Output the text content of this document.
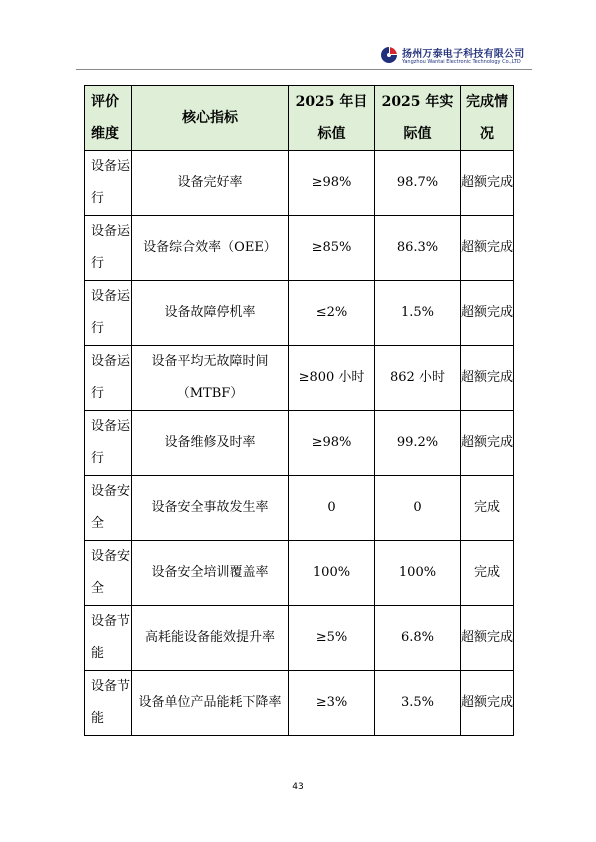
扬州万泰电子科技有限公司
Yangzhou Wantai Electronic Technology Co.,LTD
评价维度	核心指标	2025 年目标值	2025 年实际值	完成情况
设备运行	设备完好率	≥98%	98.7%	超额完成
设备运行	设备综合效率（OEE）	≥85%	86.3%	超额完成
设备运行	设备故障停机率	≤2%	1.5%	超额完成
设备运行	设备平均无故障时间（MTBF）	≥800 小时	862 小时	超额完成
设备运行	设备维修及时率	≥98%	99.2%	超额完成
设备安全	设备安全事故发生率	0	0	完成
设备安全	设备安全培训覆盖率	100%	100%	完成
设备节能	高耗能设备能效提升率	≥5%	6.8%	超额完成
设备节能	设备单位产品能耗下降率	≥3%	3.5%	超额完成
43
